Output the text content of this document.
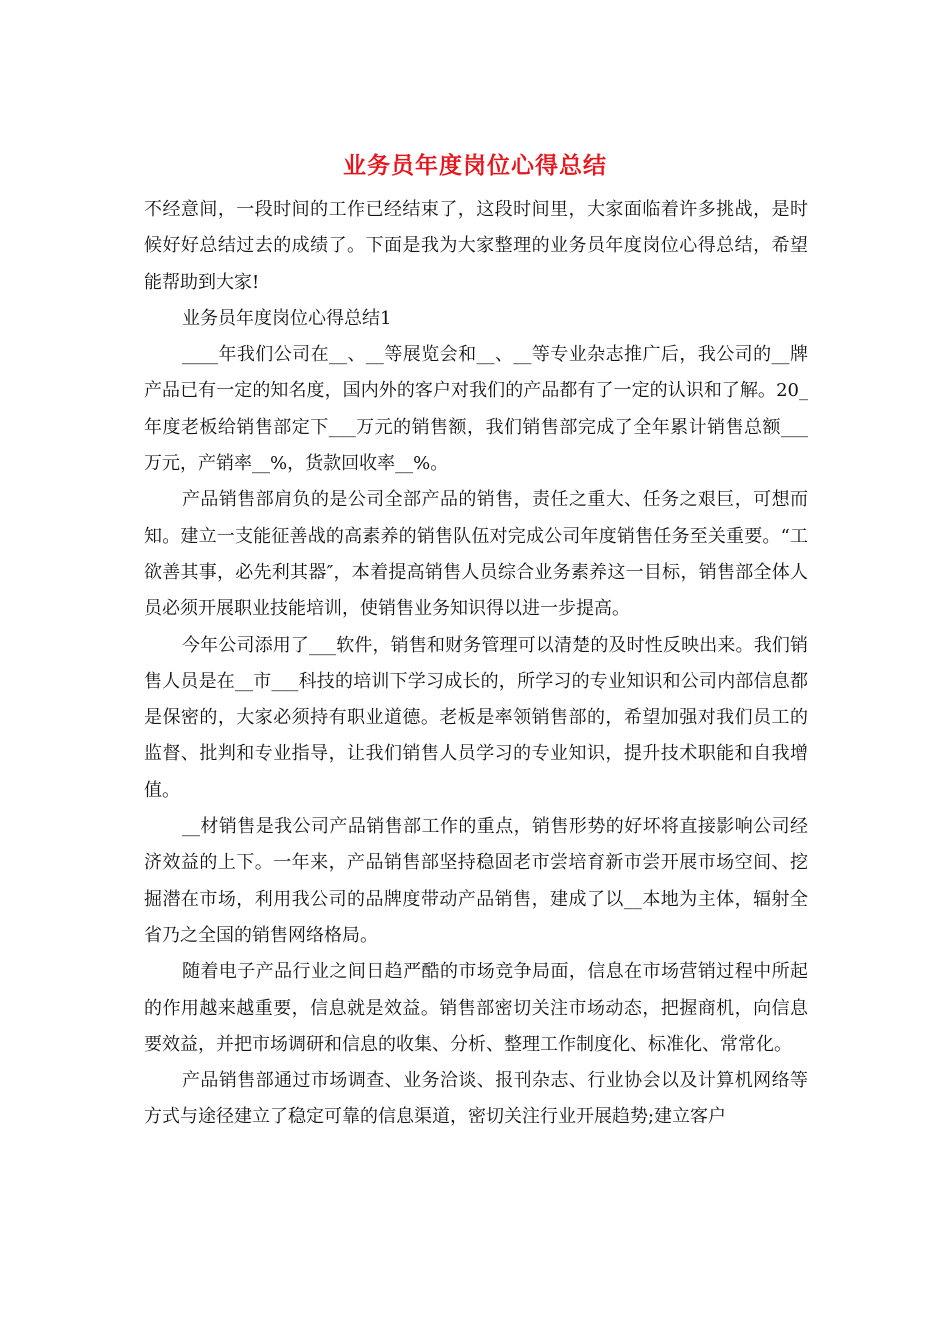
业务员年度岗位心得总结

不经意间，一段时间的工作已经结束了，这段时间里，大家面临着许多挑战，是时候好好总结过去的成绩了。下面是我为大家整理的业务员年度岗位心得总结，希望能帮助到大家!

业务员年度岗位心得总结1

____年我们公司在__、__等展览会和__、__等专业杂志推广后，我公司的__牌产品已有一定的知名度，国内外的客户对我们的产品都有了一定的认识和了解。20_年度老板给销售部定下___万元的销售额，我们销售部完成了全年累计销售总额___万元，产销率__%，货款回收率__%。

产品销售部肩负的是公司全部产品的销售，责任之重大、任务之艰巨，可想而知。建立一支能征善战的高素养的销售队伍对完成公司年度销售任务至关重要。“工欲善其事，必先利其器″，本着提高销售人员综合业务素养这一目标，销售部全体人员必须开展职业技能培训，使销售业务知识得以进一步提高。

今年公司添用了___软件，销售和财务管理可以清楚的及时性反映出来。我们销售人员是在__市___科技的培训下学习成长的，所学习的专业知识和公司内部信息都是保密的，大家必须持有职业道德。老板是率领销售部的，希望加强对我们员工的监督、批判和专业指导，让我们销售人员学习的专业知识，提升技术职能和自我增值。

__材销售是我公司产品销售部工作的重点，销售形势的好坏将直接影响公司经济效益的上下。一年来，产品销售部坚持稳固老市尝培育新市尝开展市场空间、挖掘潜在市场，利用我公司的品牌度带动产品销售，建成了以__本地为主体，辐射全省乃之全国的销售网络格局。

随着电子产品行业之间日趋严酷的市场竞争局面，信息在市场营销过程中所起的作用越来越重要，信息就是效益。销售部密切关注市场动态，把握商机，向信息要效益，并把市场调研和信息的收集、分析、整理工作制度化、标准化、常常化。

产品销售部通过市场调查、业务洽谈、报刊杂志、行业协会以及计算机网络等方式与途径建立了稳定可靠的信息渠道，密切关注行业开展趋势;建立客户
